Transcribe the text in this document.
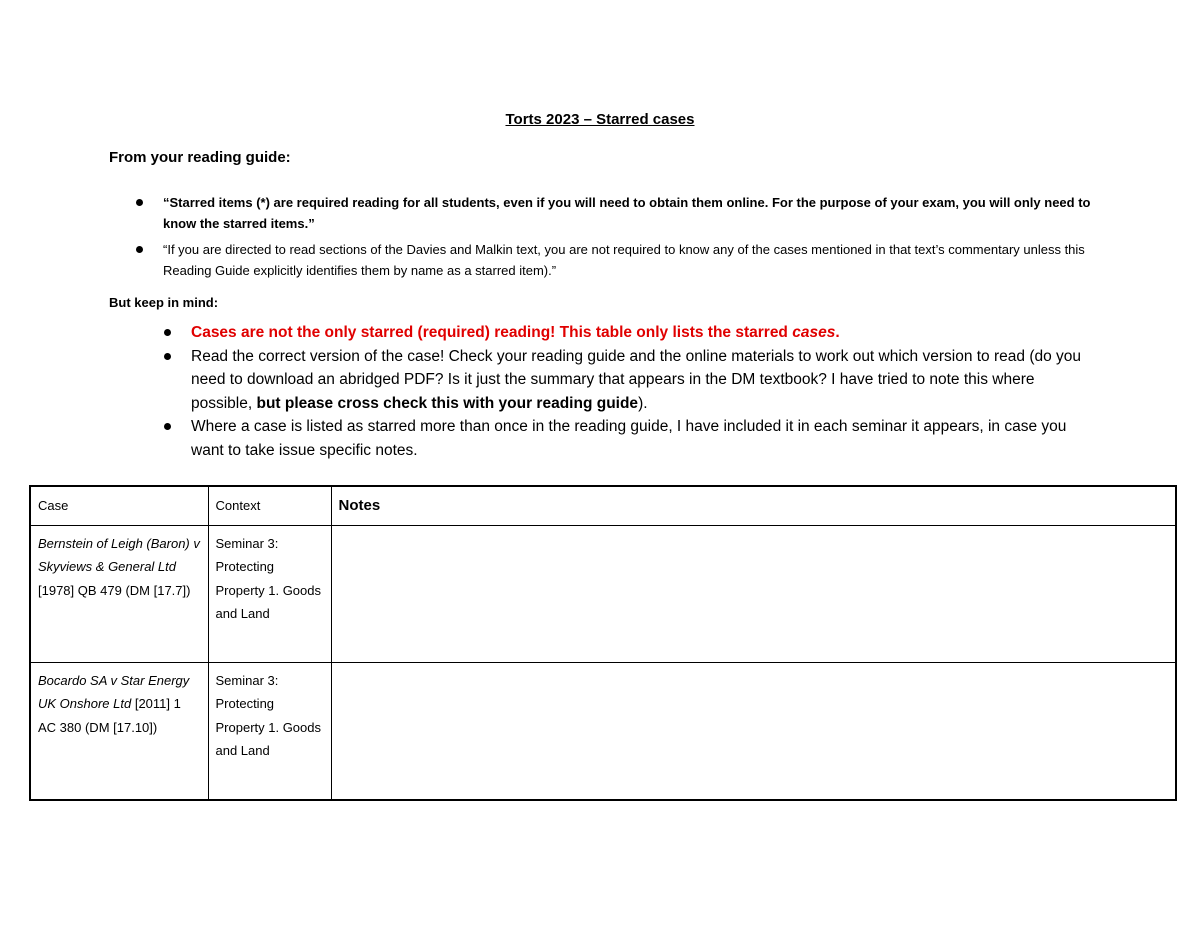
Torts 2023 – Starred cases
From your reading guide:
“Starred items (*) are required reading for all students, even if you will need to obtain them online. For the purpose of your exam, you will only need to know the starred items.”
“If you are directed to read sections of the Davies and Malkin text, you are not required to know any of the cases mentioned in that text’s commentary unless this Reading Guide explicitly identifies them by name as a starred item).”
But keep in mind:
Cases are not the only starred (required) reading! This table only lists the starred cases.
Read the correct version of the case! Check your reading guide and the online materials to work out which version to read (do you need to download an abridged PDF? Is it just the summary that appears in the DM textbook? I have tried to note this where possible, but please cross check this with your reading guide).
Where a case is listed as starred more than once in the reading guide, I have included it in each seminar it appears, in case you want to take issue specific notes.
Case	Context	Notes
Bernstein of Leigh (Baron) v Skyviews & General Ltd [1978] QB 479 (DM [17.7])	Seminar 3: Protecting Property 1. Goods and Land	
Bocardo SA v Star Energy UK Onshore Ltd [2011] 1 AC 380 (DM [17.10])	Seminar 3: Protecting Property 1. Goods and Land	
